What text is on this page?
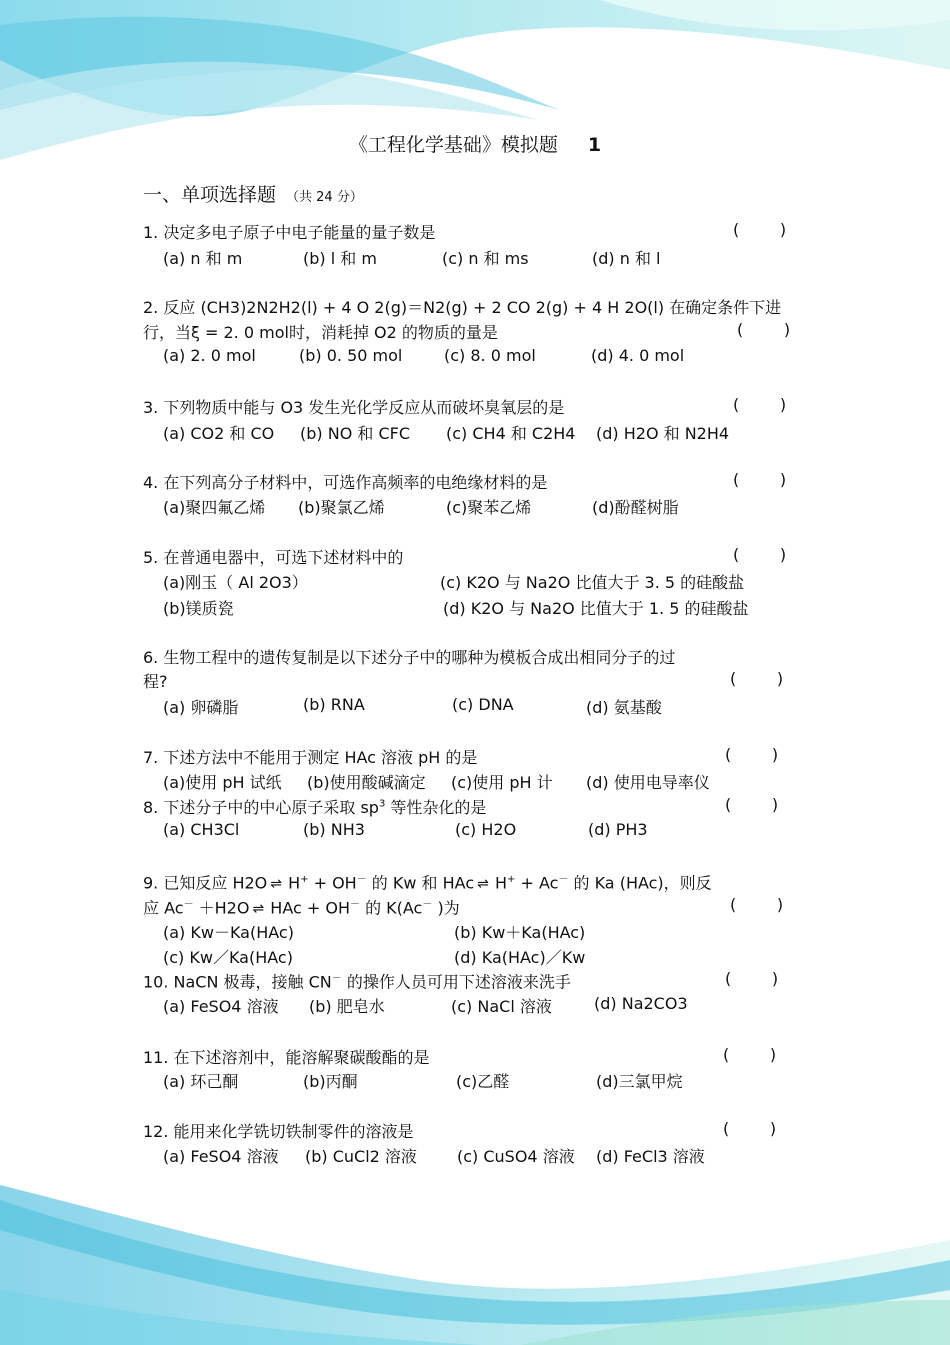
《工程化学基础》模拟题 1
一、单项选择题 （共 24 分）
1. 决定多电子原子中电子能量的量子数是	(        )
(a) n 和 m	(b) l 和 m	(c) n 和 ms	(d) n 和 l
2. 反应 (CH3)2N2H2(l) + 4 O 2(g)＝N2(g) + 2 CO 2(g) + 4 H 2O(l) 在确定条件下进
行，当ξ = 2. 0 mol时，消耗掉 O2 的物质的量是	(        )
(a) 2. 0 mol	(b) 0. 50 mol	(c) 8. 0 mol	(d) 4. 0 mol
3. 下列物质中能与 O3 发生光化学反应从而破坏臭氧层的是	(        )
(a) CO2 和 CO (b) NO 和 CFC (c) CH4 和 C2H4 (d) H2O 和 N2H4
4. 在下列高分子材料中，可选作高频率的电绝缘材料的是	(        )
(a)聚四氟乙烯 (b)聚氯乙烯	(c)聚苯乙烯	(d)酚醛树脂
5. 在普通电器中，可选下述材料中的	(        )
(a)刚玉（ Al 2O3）	(c) K2O 与 Na2O 比值大于 3. 5 的硅酸盐
(b)镁质瓷	(d) K2O 与 Na2O 比值大于 1. 5 的硅酸盐
6. 生物工程中的遗传复制是以下述分子中的哪种为模板合成出相同分子的过
程?	(        )
(a) 卵磷脂	(b) RNA	(c) DNA	(d) 氨基酸
7. 下述方法中不能用于测定 HAc 溶液 pH 的是	(        )
(a)使用 pH 试纸 (b)使用酸碱滴定 (c)使用 pH 计 (d) 使用电导率仪
8. 下述分子中的中心原子采取 $sp^3$ 等性杂化的是	(        )
(a) CH3Cl	(b) NH3	(c) H2O	(d) PH3
9. 已知反应 H2O ⇌ H+ + OH－ 的 Kw 和 HAc ⇌ H+ + Ac－ 的 Ka (HAc)，则反
应 Ac－ ＋H2O ⇌ HAc + OH－ 的 K(Ac－ )为	(        )
(a) Kw－Ka(HAc)	(b) Kw＋Ka(HAc)
(c) Kw／Ka(HAc)	(d) Ka(HAc)／Kw
10. NaCN 极毒，接触 CN－ 的操作人员可用下述溶液来洗手	(        )
(a) FeSO4 溶液 (b) 肥皂水	(c) NaCl 溶液	(d) Na2CO3
11. 在下述溶剂中，能溶解聚碳酸酯的是	(        )
(a) 环己酮	(b)丙酮	(c)乙醛	(d)三氯甲烷
12. 能用来化学铣切铁制零件的溶液是	(        )
(a) FeSO4 溶液 (b) CuCl2 溶液	(c) CuSO4 溶液 (d) FeCl3 溶液
